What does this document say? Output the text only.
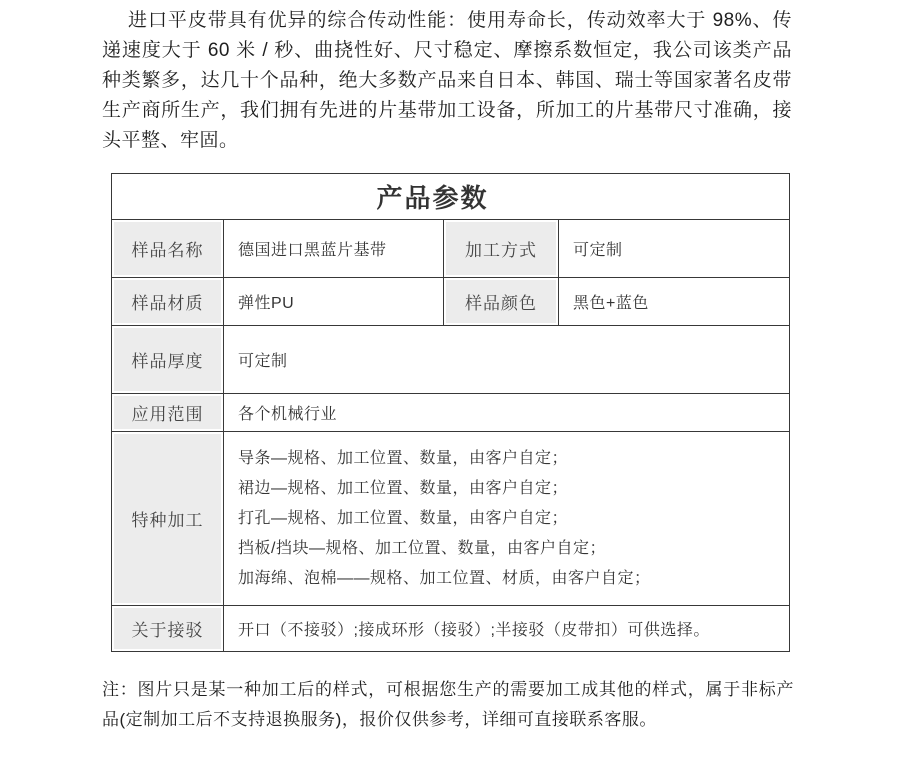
进口平皮带具有优异的综合传动性能：使用寿命长，传动效率大于 98%、传递速度大于 60 米 / 秒、曲挠性好、尺寸稳定、摩擦系数恒定，我公司该类产品种类繁多，达几十个品种，绝大多数产品来自日本、韩国、瑞士等国家著名皮带生产商所生产，我们拥有先进的片基带加工设备，所加工的片基带尺寸准确，接头平整、牢固。

产品参数			
样品名称	德国进口黑蓝片基带	加工方式	可定制
样品材质	弹性PU	样品颜色	黑色+蓝色
样品厚度	可定制		
应用范围	各个机械行业		
特种加工	导条—规格、加工位置、数量，由客户自定；
裙边—规格、加工位置、数量，由客户自定；
打孔—规格、加工位置、数量，由客户自定；
挡板/挡块—规格、加工位置、数量，由客户自定；
加海绵、泡棉——规格、加工位置、材质，由客户自定；		

关于接驳	开口（不接驳）;接成环形（接驳）;半接驳（皮带扣）可供选择。		

注：图片只是某一种加工后的样式，可根据您生产的需要加工成其他的样式，属于非标产品(定制加工后不支持退换服务)，报价仅供参考，详细可直接联系客服。
